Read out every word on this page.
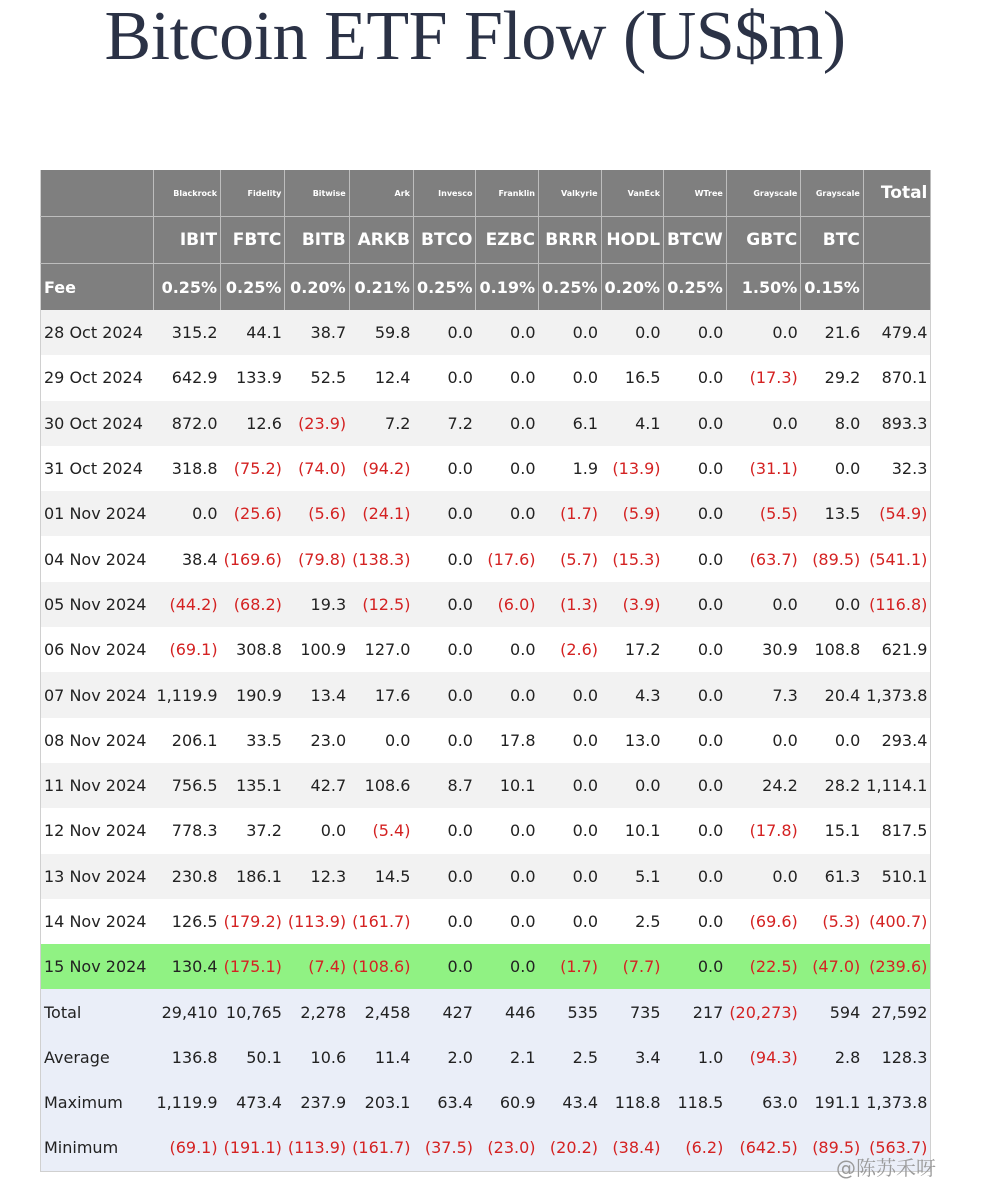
Bitcoin ETF Flow (US$m)
	Blackrock	Fidelity	Bitwise	Ark	Invesco	Franklin	Valkyrie	VanEck	WTree	Grayscale	Grayscale	Total
	IBIT	FBTC	BITB	ARKB	BTCO	EZBC	BRRR	HODL	BTCW	GBTC	BTC	
Fee	0.25%	0.25%	0.20%	0.21%	0.25%	0.19%	0.25%	0.20%	0.25%	1.50%	0.15%	
28 Oct 2024	315.2	44.1	38.7	59.8	0.0	0.0	0.0	0.0	0.0	0.0	21.6	479.4
29 Oct 2024	642.9	133.9	52.5	12.4	0.0	0.0	0.0	16.5	0.0	(17.3)	29.2	870.1
30 Oct 2024	872.0	12.6	(23.9)	7.2	7.2	0.0	6.1	4.1	0.0	0.0	8.0	893.3
31 Oct 2024	318.8	(75.2)	(74.0)	(94.2)	0.0	0.0	1.9	(13.9)	0.0	(31.1)	0.0	32.3
01 Nov 2024	0.0	(25.6)	(5.6)	(24.1)	0.0	0.0	(1.7)	(5.9)	0.0	(5.5)	13.5	(54.9)
04 Nov 2024	38.4	(169.6)	(79.8)	(138.3)	0.0	(17.6)	(5.7)	(15.3)	0.0	(63.7)	(89.5)	(541.1)
05 Nov 2024	(44.2)	(68.2)	19.3	(12.5)	0.0	(6.0)	(1.3)	(3.9)	0.0	0.0	0.0	(116.8)
06 Nov 2024	(69.1)	308.8	100.9	127.0	0.0	0.0	(2.6)	17.2	0.0	30.9	108.8	621.9
07 Nov 2024	1,119.9	190.9	13.4	17.6	0.0	0.0	0.0	4.3	0.0	7.3	20.4	1,373.8
08 Nov 2024	206.1	33.5	23.0	0.0	0.0	17.8	0.0	13.0	0.0	0.0	0.0	293.4
11 Nov 2024	756.5	135.1	42.7	108.6	8.7	10.1	0.0	0.0	0.0	24.2	28.2	1,114.1
12 Nov 2024	778.3	37.2	0.0	(5.4)	0.0	0.0	0.0	10.1	0.0	(17.8)	15.1	817.5
13 Nov 2024	230.8	186.1	12.3	14.5	0.0	0.0	0.0	5.1	0.0	0.0	61.3	510.1
14 Nov 2024	126.5	(179.2)	(113.9)	(161.7)	0.0	0.0	0.0	2.5	0.0	(69.6)	(5.3)	(400.7)
15 Nov 2024	130.4	(175.1)	(7.4)	(108.6)	0.0	0.0	(1.7)	(7.7)	0.0	(22.5)	(47.0)	(239.6)
Total	29,410	10,765	2,278	2,458	427	446	535	735	217	(20,273)	594	27,592
Average	136.8	50.1	10.6	11.4	2.0	2.1	2.5	3.4	1.0	(94.3)	2.8	128.3
Maximum	1,119.9	473.4	237.9	203.1	63.4	60.9	43.4	118.8	118.5	63.0	191.1	1,373.8
Minimum	(69.1)	(191.1)	(113.9)	(161.7)	(37.5)	(23.0)	(20.2)	(38.4)	(6.2)	(642.5)	(89.5)	(563.7)
@陈苏禾呀
